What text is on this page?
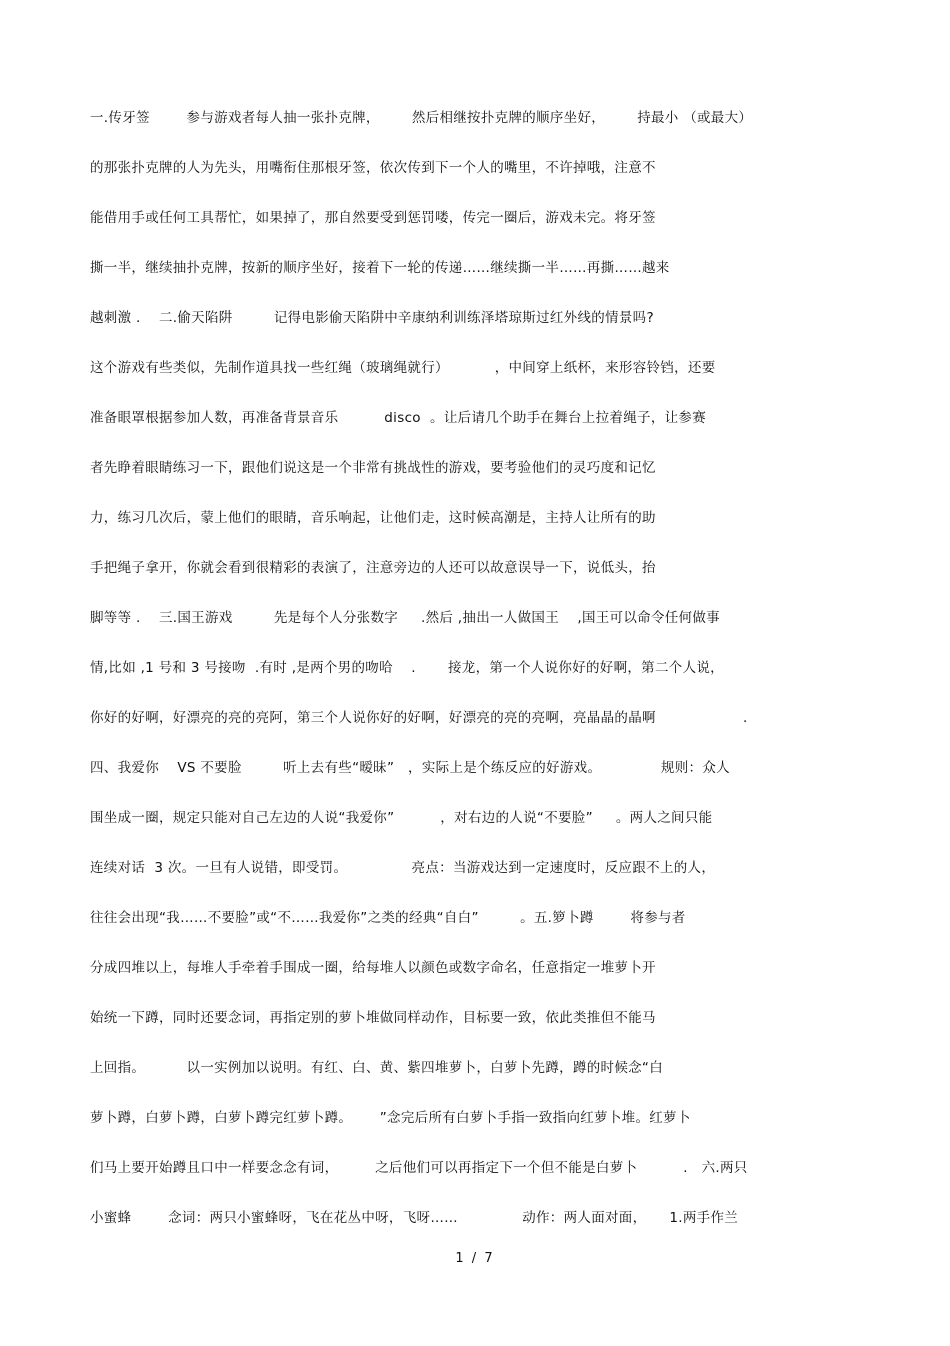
一.传牙签        参与游戏者每人抽一张扑克牌，       然后相继按扑克牌的顺序坐好，       持最小 （或最大）
的那张扑克牌的人为先头，用嘴衔住那根牙签，依次传到下一个人的嘴里，不许掉哦，注意不
能借用手或任何工具帮忙，如果掉了，那自然要受到惩罚喽，传完一圈后，游戏未完。将牙签
撕一半，继续抽扑克牌，按新的顺序坐好，接着下一轮的传递……继续撕一半……再撕……越来
越刺激 .    二.偷天陷阱         记得电影偷天陷阱中辛康纳利训练泽塔琼斯过红外线的情景吗?
这个游戏有些类似，先制作道具找一些红绳（玻璃绳就行）          ，中间穿上纸杯，来形容铃铛，还要
准备眼罩根据参加人数，再准备背景音乐          disco  。让后请几个助手在舞台上拉着绳子，让参赛
者先睁着眼睛练习一下，跟他们说这是一个非常有挑战性的游戏，要考验他们的灵巧度和记忆
力，练习几次后，蒙上他们的眼睛，音乐响起，让他们走，这时候高潮是，主持人让所有的助
手把绳子拿开，你就会看到很精彩的表演了，注意旁边的人还可以故意误导一下，说低头，抬
脚等等 .    三.国王游戏         先是每个人分张数字     .然后 ,抽出一人做国王    ,国王可以命令任何做事
情,比如 ,1 号和 3 号接吻  .有时 ,是两个男的吻哈    .       接龙，第一个人说你好的好啊，第二个人说，
你好的好啊，好漂亮的亮的亮阿，第三个人说你好的好啊，好漂亮的亮的亮啊，亮晶晶的晶啊                   .
四、我爱你    VS 不要脸         听上去有些“暧昧”   ，实际上是个练反应的好游戏。             规则：众人
围坐成一圈，规定只能对自己左边的人说“我爱你”          ，对右边的人说“不要脸”     。两人之间只能
连续对话  3 次。一旦有人说错，即受罚。              亮点：当游戏达到一定速度时，反应跟不上的人，
往往会出现“我……不要脸”或“不……我爱你”之类的经典“自白”         。五.箩卜蹲        将参与者
分成四堆以上，每堆人手牵着手围成一圈，给每堆人以颜色或数字命名，任意指定一堆萝卜开
始统一下蹲，同时还要念词，再指定别的萝卜堆做同样动作，目标要一致，依此类推但不能马
上回指。         以一实例加以说明。有红、白、黄、紫四堆萝卜，白萝卜先蹲，蹲的时候念“白
萝卜蹲，白萝卜蹲，白萝卜蹲完红萝卜蹲。      ”念完后所有白萝卜手指一致指向红萝卜堆。红萝卜
们马上要开始蹲且口中一样要念念有词，        之后他们可以再指定下一个但不能是白萝卜          .   六.两只
小蜜蜂        念词：两只小蜜蜂呀，飞在花丛中呀，飞呀……              动作：两人面对面，     1.两手作兰
1 / 7
